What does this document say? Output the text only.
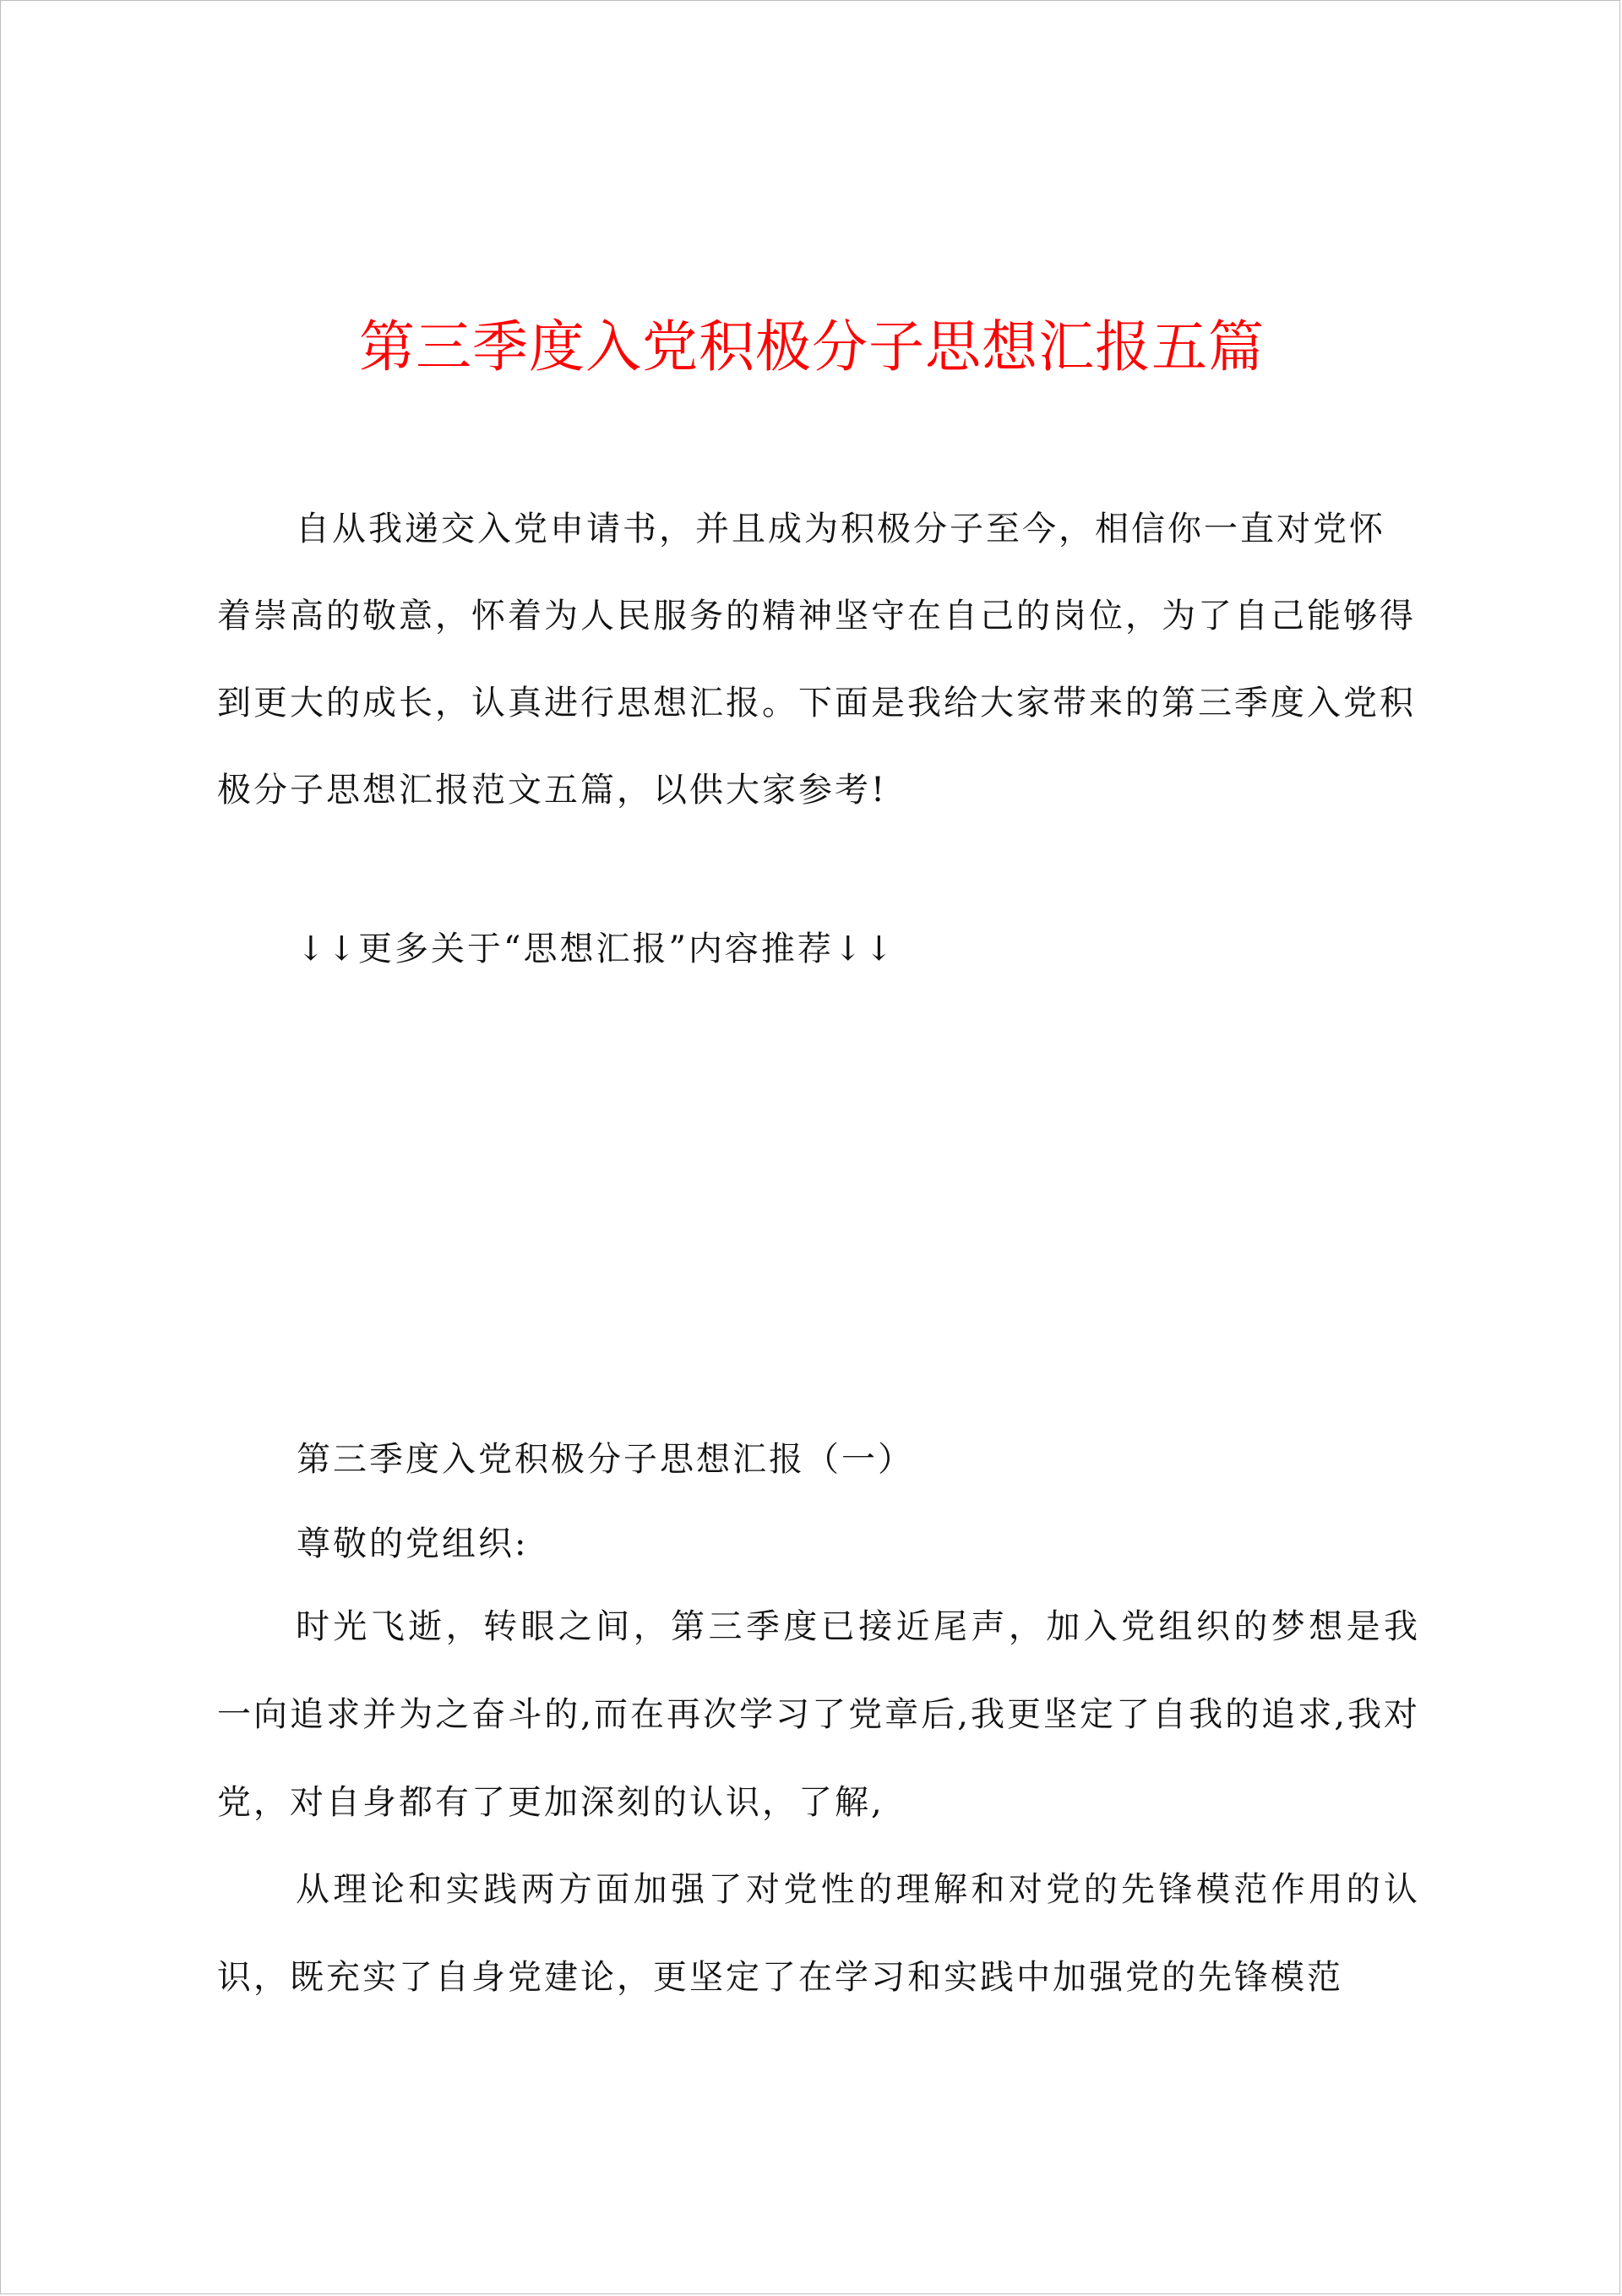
第三季度入党积极分子思想汇报五篇
自从我递交入党申请书，并且成为积极分子至今，相信你一直对党怀着崇高的敬意，怀着为人民服务的精神坚守在自己的岗位，为了自己能够得到更大的成长，认真进行思想汇报。下面是我给大家带来的第三季度入党积极分子思想汇报范文五篇，以供大家参考!
↓↓更多关于“思想汇报”内容推荐↓↓
第三季度入党积极分子思想汇报（一）
尊敬的党组织:
时光飞逝，转眼之间，第三季度已接近尾声，加入党组织的梦想是我一向追求并为之奋斗的,而在再次学习了党章后,我更坚定了自我的追求,我对党，对自身都有了更加深刻的认识，了解,
从理论和实践两方面加强了对党性的理解和对党的先锋模范作用的认识，既充实了自身党建论，更坚定了在学习和实践中加强党的先锋模范
